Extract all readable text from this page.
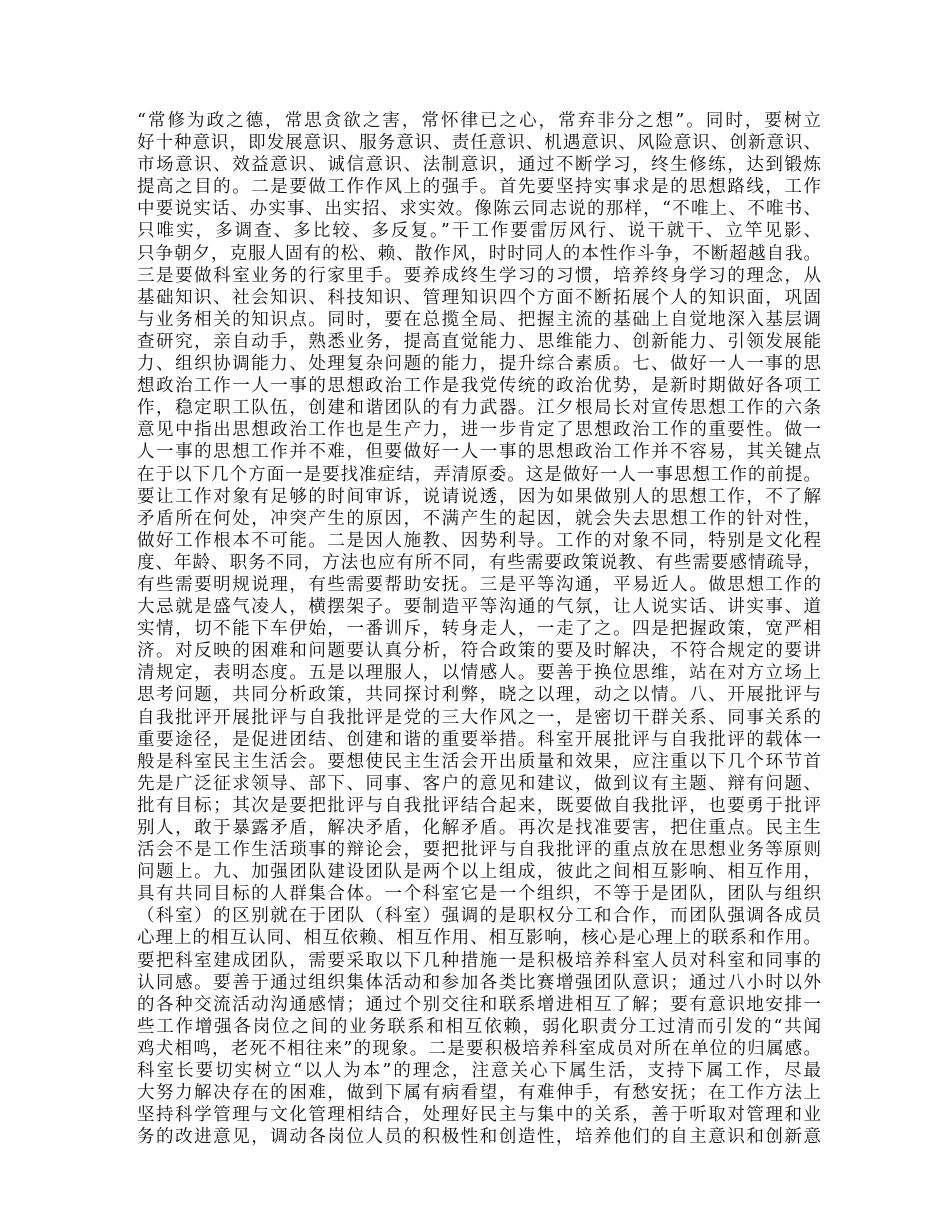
“常修为政之德，常思贪欲之害，常怀律已之心，常弃非分之想”。同时，要树立
好十种意识，即发展意识、服务意识、责任意识、机遇意识、风险意识、创新意识、
市场意识、效益意识、诚信意识、法制意识，通过不断学习，终生修练，达到锻炼
提高之目的。二是要做工作作风上的强手。首先要坚持实事求是的思想路线，工作
中要说实话、办实事、出实招、求实效。像陈云同志说的那样，“不唯上、不唯书、
只唯实，多调查、多比较、多反复。”干工作要雷厉风行、说干就干、立竿见影、
只争朝夕，克服人固有的松、赖、散作风，时时同人的本性作斗争，不断超越自我。
三是要做科室业务的行家里手。要养成终生学习的习惯，培养终身学习的理念，从
基础知识、社会知识、科技知识、管理知识四个方面不断拓展个人的知识面，巩固
与业务相关的知识点。同时，要在总揽全局、把握主流的基础上自觉地深入基层调
查研究，亲自动手，熟悉业务，提高直觉能力、思维能力、创新能力、引领发展能
力、组织协调能力、处理复杂问题的能力，提升综合素质。七、做好一人一事的思
想政治工作一人一事的思想政治工作是我党传统的政治优势，是新时期做好各项工
作，稳定职工队伍，创建和谐团队的有力武器。江夕根局长对宣传思想工作的六条
意见中指出思想政治工作也是生产力，进一步肯定了思想政治工作的重要性。做一
人一事的思想工作并不难，但要做好一人一事的思想政治工作并不容易，其关键点
在于以下几个方面一是要找准症结，弄清原委。这是做好一人一事思想工作的前提。
要让工作对象有足够的时间审诉，说请说透，因为如果做别人的思想工作，不了解
矛盾所在何处，冲突产生的原因，不满产生的起因，就会失去思想工作的针对性，
做好工作根本不可能。二是因人施教、因势利导。工作的对象不同，特别是文化程
度、年龄、职务不同，方法也应有所不同，有些需要政策说教、有些需要感情疏导，
有些需要明规说理，有些需要帮助安抚。三是平等沟通，平易近人。做思想工作的
大忌就是盛气凌人，横摆架子。要制造平等沟通的气氛，让人说实话、讲实事、道
实情，切不能下车伊始，一番训斥，转身走人，一走了之。四是把握政策，宽严相
济。对反映的困难和问题要认真分析，符合政策的要及时解决，不符合规定的要讲
清规定，表明态度。五是以理服人，以情感人。要善于换位思维，站在对方立场上
思考问题，共同分析政策，共同探讨利弊，晓之以理，动之以情。八、开展批评与
自我批评开展批评与自我批评是党的三大作风之一，是密切干群关系、同事关系的
重要途径，是促进团结、创建和谐的重要举措。科室开展批评与自我批评的载体一
般是科室民主生活会。要想使民主生活会开出质量和效果，应注重以下几个环节首
先是广泛征求领导、部下、同事、客户的意见和建议，做到议有主题、辩有问题、
批有目标；其次是要把批评与自我批评结合起来，既要做自我批评，也要勇于批评
别人，敢于暴露矛盾，解决矛盾，化解矛盾。再次是找准要害，把住重点。民主生
活会不是工作生活琐事的辩论会，要把批评与自我批评的重点放在思想业务等原则
问题上。九、加强团队建设团队是两个以上组成，彼此之间相互影响、相互作用，
具有共同目标的人群集合体。一个科室它是一个组织，不等于是团队，团队与组织
（科室）的区别就在于团队（科室）强调的是职权分工和合作，而团队强调各成员
心理上的相互认同、相互依赖、相互作用、相互影响，核心是心理上的联系和作用。
要把科室建成团队，需要采取以下几种措施一是积极培养科室人员对科室和同事的
认同感。要善于通过组织集体活动和参加各类比赛增强团队意识；通过八小时以外
的各种交流活动沟通感情；通过个别交往和联系增进相互了解；要有意识地安排一
些工作增强各岗位之间的业务联系和相互依赖，弱化职责分工过清而引发的“共闻
鸡犬相鸣，老死不相往来”的现象。二是要积极培养科室成员对所在单位的归属感。
科室长要切实树立“以人为本”的理念，注意关心下属生活，支持下属工作，尽最
大努力解决存在的困难，做到下属有病看望，有难伸手，有愁安抚；在工作方法上
坚持科学管理与文化管理相结合，处理好民主与集中的关系，善于听取对管理和业
务的改进意见，调动各岗位人员的积极性和创造性，培养他们的自主意识和创新意
